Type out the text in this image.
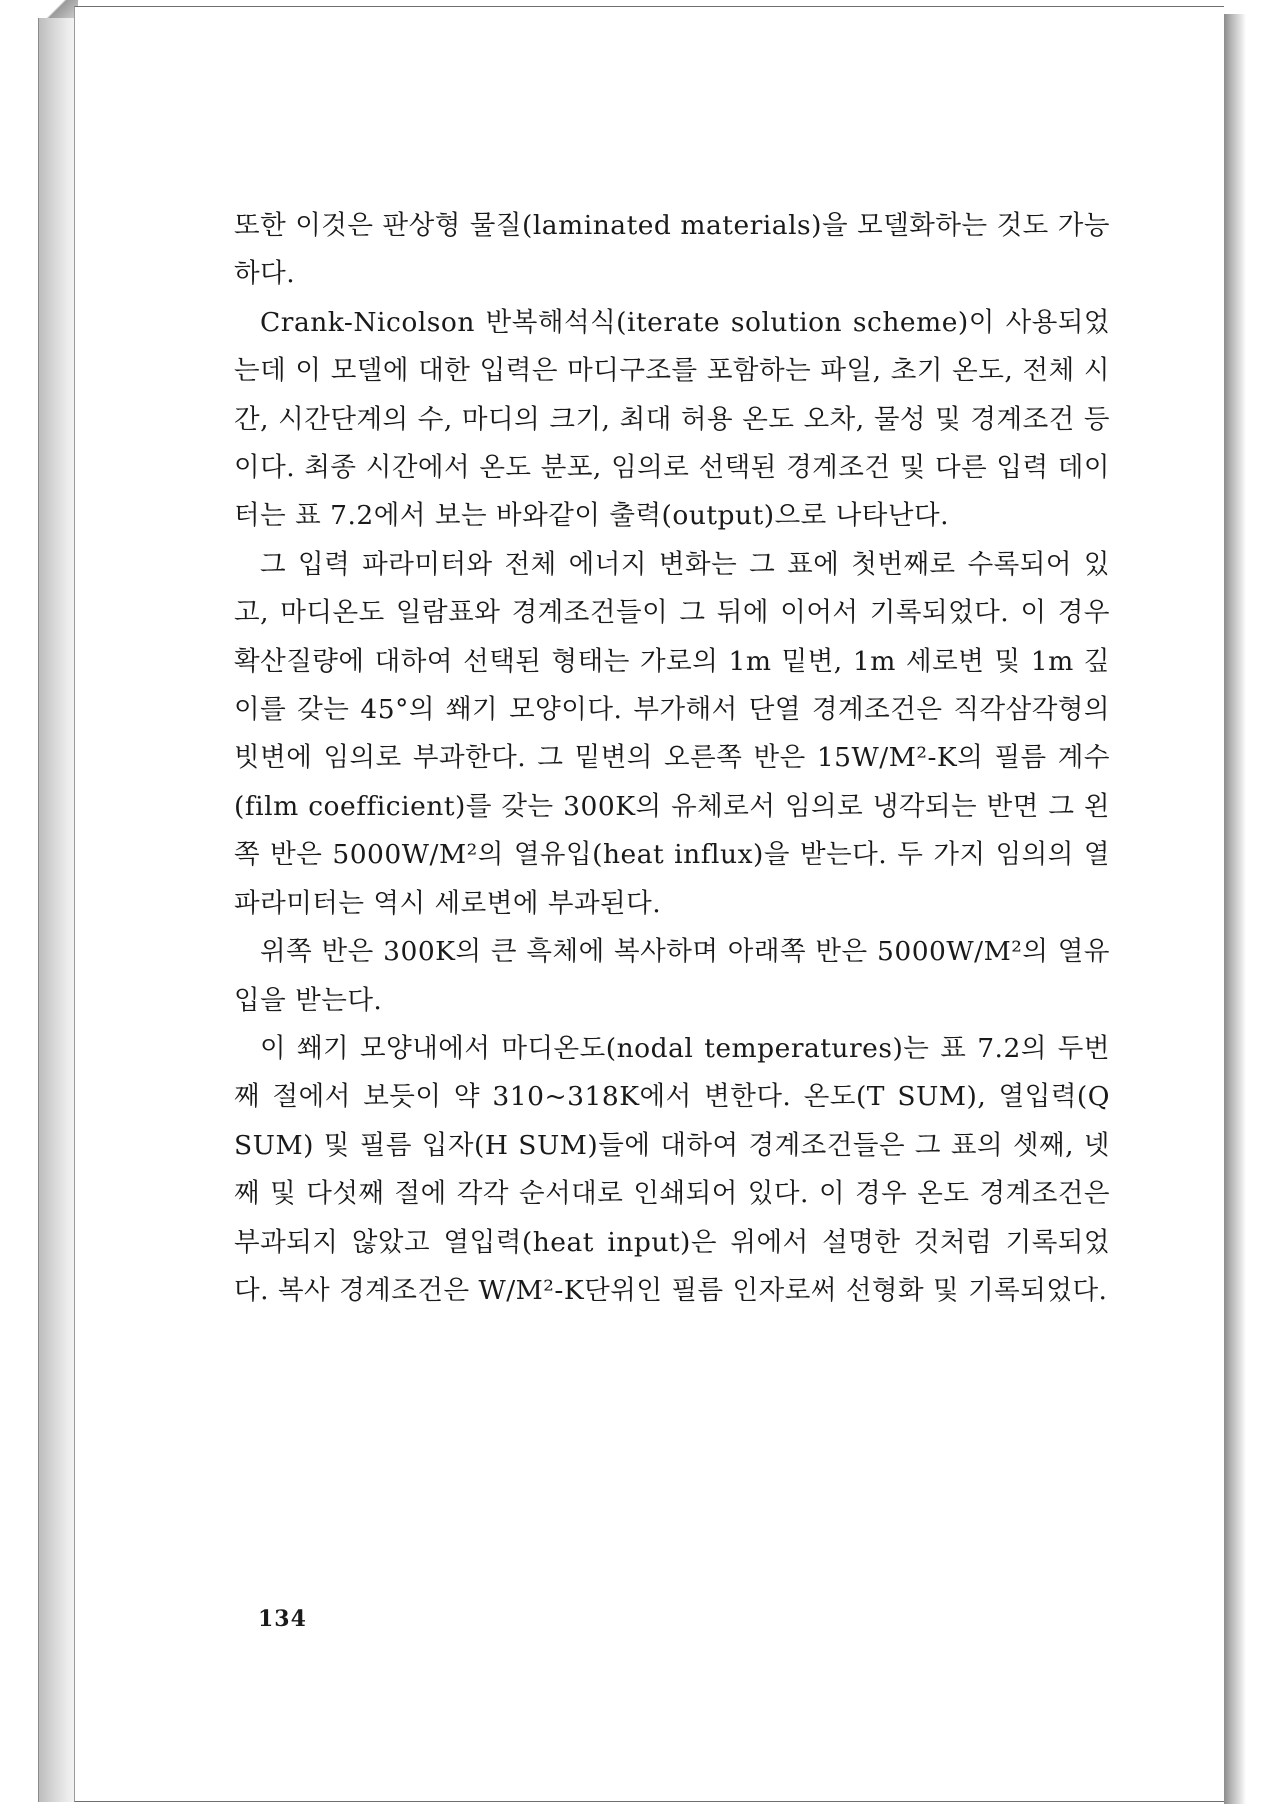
또한 이것은 판상형 물질(laminated materials)을 모델화하는 것도 가능하다.

Crank-Nicolson 반복해석식(iterate solution scheme)이 사용되었는데 이 모델에 대한 입력은 마디구조를 포함하는 파일, 초기 온도, 전체 시간, 시간단계의 수, 마디의 크기, 최대 허용 온도 오차, 물성 및 경계조건 등이다. 최종 시간에서 온도 분포, 임의로 선택된 경계조건 및 다른 입력 데이터는 표 7.2에서 보는 바와같이 출력(output)으로 나타난다.

그 입력 파라미터와 전체 에너지 변화는 그 표에 첫번째로 수록되어 있고, 마디온도 일람표와 경계조건들이 그 뒤에 이어서 기록되었다. 이 경우 확산질량에 대하여 선택된 형태는 가로의 1m 밑변, 1m 세로변 및 1m 깊이를 갖는 45°의 쐐기 모양이다. 부가해서 단열 경계조건은 직각삼각형의 빗변에 임의로 부과한다. 그 밑변의 오른쪽 반은 15W/M²-K의 필름 계수(film coefficient)를 갖는 300K의 유체로서 임의로 냉각되는 반면 그 왼쪽 반은 5000W/M²의 열유입(heat influx)을 받는다. 두 가지 임의의 열 파라미터는 역시 세로변에 부과된다.

위쪽 반은 300K의 큰 흑체에 복사하며 아래쪽 반은 5000W/M²의 열유입을 받는다.

이 쐐기 모양내에서 마디온도(nodal temperatures)는 표 7.2의 두번째 절에서 보듯이 약 310~318K에서 변한다. 온도(T SUM), 열입력(Q SUM) 및 필름 입자(H SUM)들에 대하여 경계조건들은 그 표의 셋째, 넷째 및 다섯째 절에 각각 순서대로 인쇄되어 있다. 이 경우 온도 경계조건은 부과되지 않았고 열입력(heat input)은 위에서 설명한 것처럼 기록되었다. 복사 경계조건은 W/M²-K단위인 필름 인자로써 선형화 및 기록되었다.

134
